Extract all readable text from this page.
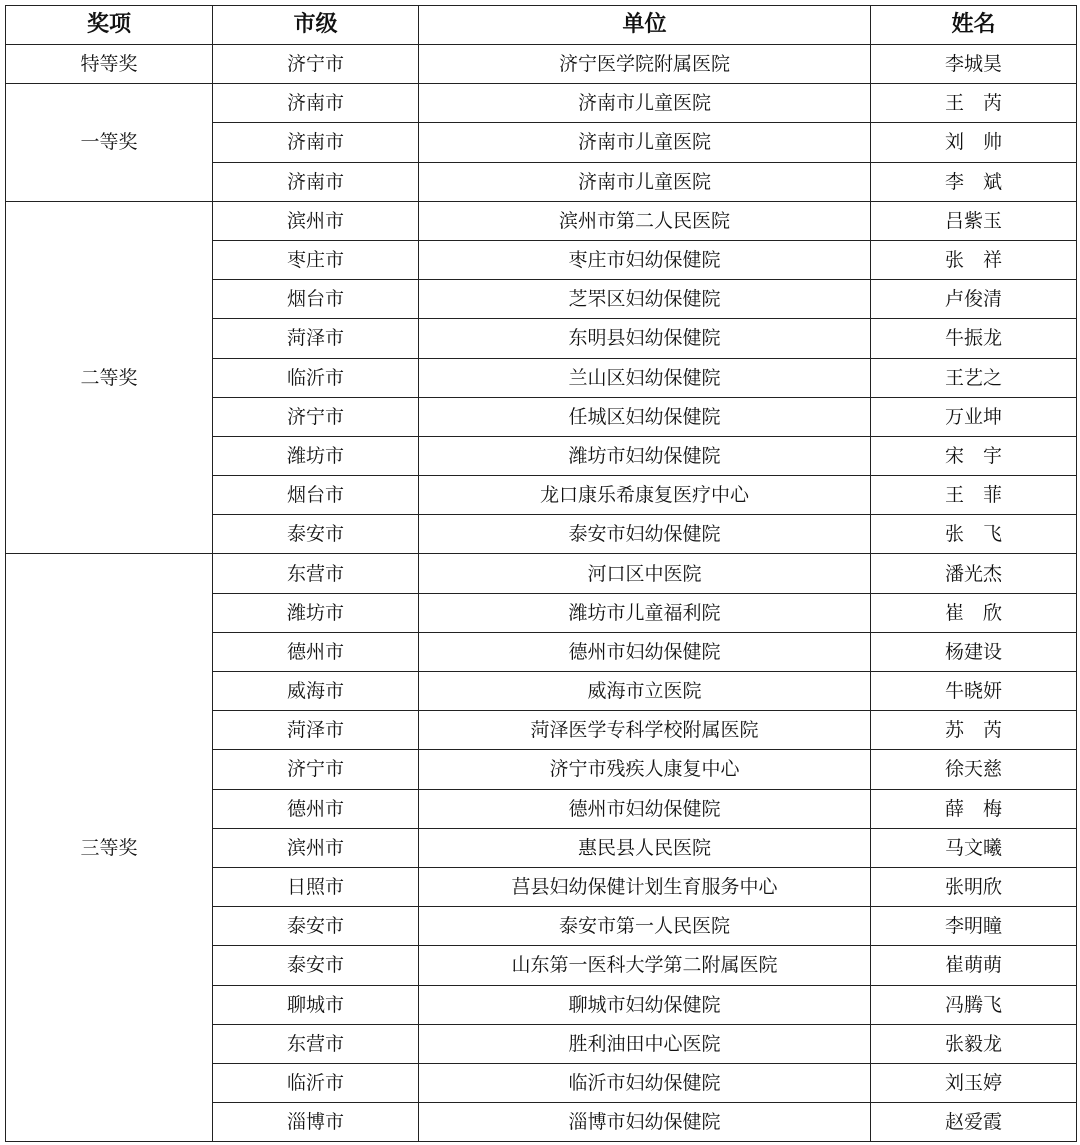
奖项	市级	单位	姓名
特等奖	济宁市	济宁医学院附属医院	李城昊
一等奖	济南市	济南市儿童医院	王　芮
	济南市	济南市儿童医院	刘　帅
	济南市	济南市儿童医院	李　斌
二等奖	滨州市	滨州市第二人民医院	吕紫玉
	枣庄市	枣庄市妇幼保健院	张　祥
	烟台市	芝罘区妇幼保健院	卢俊清
	菏泽市	东明县妇幼保健院	牛振龙
	临沂市	兰山区妇幼保健院	王艺之
	济宁市	任城区妇幼保健院	万业坤
	潍坊市	潍坊市妇幼保健院	宋　宇
	烟台市	龙口康乐希康复医疗中心	王　菲
	泰安市	泰安市妇幼保健院	张　飞
三等奖	东营市	河口区中医院	潘光杰
	潍坊市	潍坊市儿童福利院	崔　欣
	德州市	德州市妇幼保健院	杨建设
	威海市	威海市立医院	牛晓妍
	菏泽市	菏泽医学专科学校附属医院	苏　芮
	济宁市	济宁市残疾人康复中心	徐天慈
	德州市	德州市妇幼保健院	薛　梅
	滨州市	惠民县人民医院	马文曦
	日照市	莒县妇幼保健计划生育服务中心	张明欣
	泰安市	泰安市第一人民医院	李明瞳
	泰安市	山东第一医科大学第二附属医院	崔萌萌
	聊城市	聊城市妇幼保健院	冯腾飞
	东营市	胜利油田中心医院	张毅龙
	临沂市	临沂市妇幼保健院	刘玉婷
	淄博市	淄博市妇幼保健院	赵爱霞
